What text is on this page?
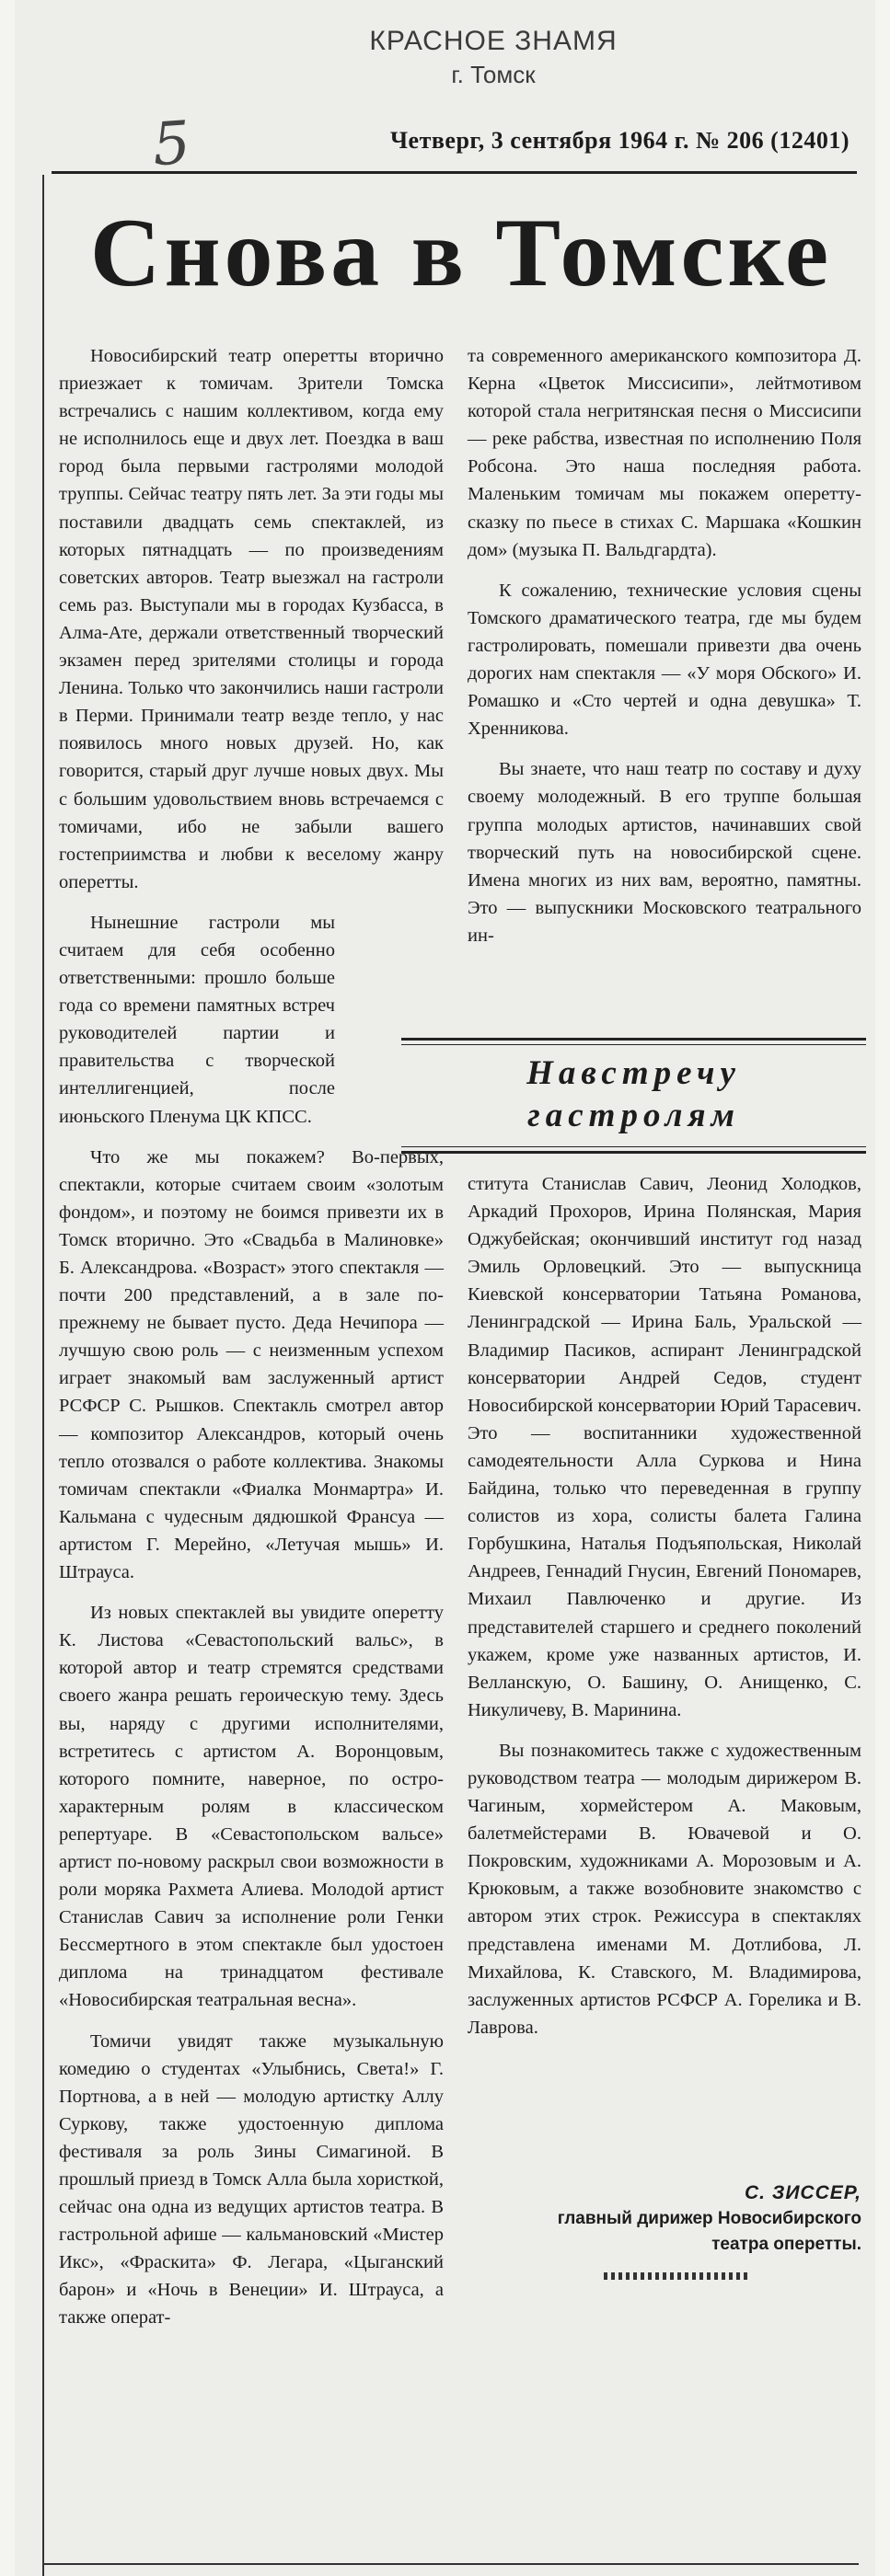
КРАСНОЕ ЗНАМЯ
г. Томск
5	Четверг, 3 сентября 1964 г. № 206 (12401)
Снова в Томске

Новосибирский театр оперетты вторично приезжает к томичам. Зрители Томска встречались с нашим коллективом, когда ему не исполнилось еще и двух лет. Поездка в ваш город была первыми гастролями молодой труппы. Сейчас театру пять лет. За эти годы мы поставили двадцать семь спектаклей, из которых пятнадцать — по произведениям советских авторов. Театр выезжал на гастроли семь раз. Выступали мы в городах Кузбасса, в Алма-Ате, держали ответственный творческий экзамен перед зрителями столицы и города Ленина. Только что закончились наши гастроли в Перми. Принимали театр везде тепло, у нас появилось много новых друзей. Но, как говорится, старый друг лучше новых двух. Мы с большим удовольствием вновь встречаемся с томичами, ибо не забыли вашего гостеприимства и любви к веселому жанру оперетты.

Нынешние гастроли мы считаем для себя особенно ответственными: прошло больше года со времени памятных встреч руководителей партии и правительства с творческой интеллигенцией, после июньского Пленума ЦК КПСС.

Что же мы покажем? Во-первых, спектакли, которые считаем своим «золотым фондом», и поэтому не боимся привезти их в Томск вторично. Это «Свадьба в Малиновке» Б. Александрова. «Возраст» этого спектакля — почти 200 представлений, а в зале по-прежнему не бывает пусто. Деда Нечипора — лучшую свою роль — с неизменным успехом играет знакомый вам заслуженный артист РСФСР С. Рышков. Спектакль смотрел автор — композитор Александров, который очень тепло отозвался о работе коллектива. Знакомы томичам спектакли «Фиалка Монмартра» И. Кальмана с чудесным дядюшкой Франсуа — артистом Г. Мерейно, «Летучая мышь» И. Штрауса.

Из новых спектаклей вы увидите оперетту К. Листова «Севастопольский вальс», в которой автор и театр стремятся средствами своего жанра решать героическую тему. Здесь вы, наряду с другими исполнителями, встретитесь с артистом А. Воронцовым, которого помните, наверное, по остро-характерным ролям в классическом репертуаре. В «Севастопольском вальсе» артист по-новому раскрыл свои возможности в роли моряка Рахмета Алиева. Молодой артист Станислав Савич за исполнение роли Генки Бессмертного в этом спектакле был удостоен диплома на тринадцатом фестивале «Новосибирская театральная весна».

Томичи увидят также музыкальную комедию о студентах «Улыбнись, Света!» Г. Портнова, а в ней — молодую артистку Аллу Суркову, также удостоенную диплома фестиваля за роль Зины Симагиной. В прошлый приезд в Томск Алла была хористкой, сейчас она одна из ведущих артистов театра. В гастрольной афише — кальмановский «Мистер Икс», «Фраскита» Ф. Легара, «Цыганский барон» и «Ночь в Венеции» И. Штрауса, а также операт-

та современного американского композитора Д. Керна «Цветок Миссисипи», лейтмотивом которой стала негритянская песня о Миссисипи — реке рабства, известная по исполнению Поля Робсона. Это наша последняя работа. Маленьким томичам мы покажем оперетту-сказку по пьесе в стихах С. Маршака «Кошкин дом» (музыка П. Вальдгардта).

К сожалению, технические условия сцены Томского драматического театра, где мы будем гастролировать, помешали привезти два очень дорогих нам спектакля — «У моря Обского» И. Ромашко и «Сто чертей и одна девушка» Т. Хренникова.

Вы знаете, что наш театр по составу и духу своему молодежный. В его труппе большая группа молодых артистов, начинавших свой творческий путь на новосибирской сцене. Имена многих из них вам, вероятно, памятны. Это — выпускники Московского театрального ин-

Навстречу
гастролям

ститута Станислав Савич, Леонид Холодков, Аркадий Прохоров, Ирина Полянская, Мария Оджубейская; окончивший институт год назад Эмиль Орловецкий. Это — выпускница Киевской консерватории Татьяна Романова, Ленинградской — Ирина Баль, Уральской — Владимир Пасиков, аспирант Ленинградской консерватории Андрей Седов, студент Новосибирской консерватории Юрий Тарасевич. Это — воспитанники художественной самодеятельности Алла Суркова и Нина Байдина, только что переведенная в группу солистов из хора, солисты балета Галина Горбушкина, Наталья Подъяпольская, Николай Андреев, Геннадий Гнусин, Евгений Пономарев, Михаил Павлюченко и другие. Из представителей старшего и среднего поколений укажем, кроме уже названных артистов, И. Велланскую, О. Башину, О. Анищенко, С. Никуличеву, В. Маринина.

Вы познакомитесь также с художественным руководством театра — молодым дирижером В. Чагиным, хормейстером А. Маковым, балетмейстерами В. Ювачевой и О. Покровским, художниками А. Морозовым и А. Крюковым, а также возобновите знакомство с автором этих строк. Режиссура в спектаклях представлена именами М. Дотлибова, Л. Михайлова, К. Ставского, М. Владимирова, заслуженных артистов РСФСР А. Горелика и В. Лаврова.

С. ЗИССЕР,
главный дирижер Новосибирского театра оперетты.
